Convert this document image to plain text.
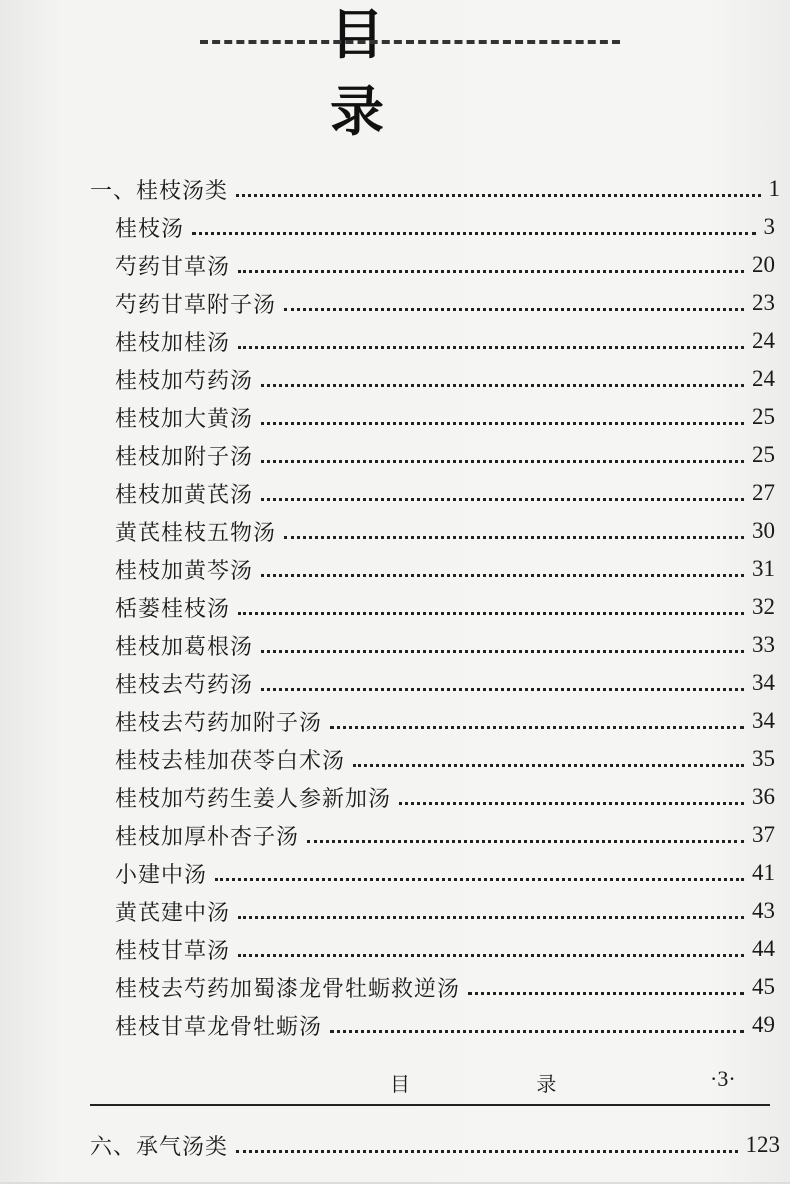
目 录
一、桂枝汤类	1
桂枝汤	3
芍药甘草汤	20
芍药甘草附子汤	23
桂枝加桂汤	24
桂枝加芍药汤	24
桂枝加大黄汤	25
桂枝加附子汤	25
桂枝加黄芪汤	27
黄芪桂枝五物汤	30
桂枝加黄芩汤	31
栝蒌桂枝汤	32
桂枝加葛根汤	33
桂枝去芍药汤	34
桂枝去芍药加附子汤	34
桂枝去桂加茯苓白术汤	35
桂枝加芍药生姜人参新加汤	36
桂枝加厚朴杏子汤	37
小建中汤	41
黄芪建中汤	43
桂枝甘草汤	44
桂枝去芍药加蜀漆龙骨牡蛎救逆汤	45
桂枝甘草龙骨牡蛎汤	49
目 录	·3·
六、承气汤类	123
